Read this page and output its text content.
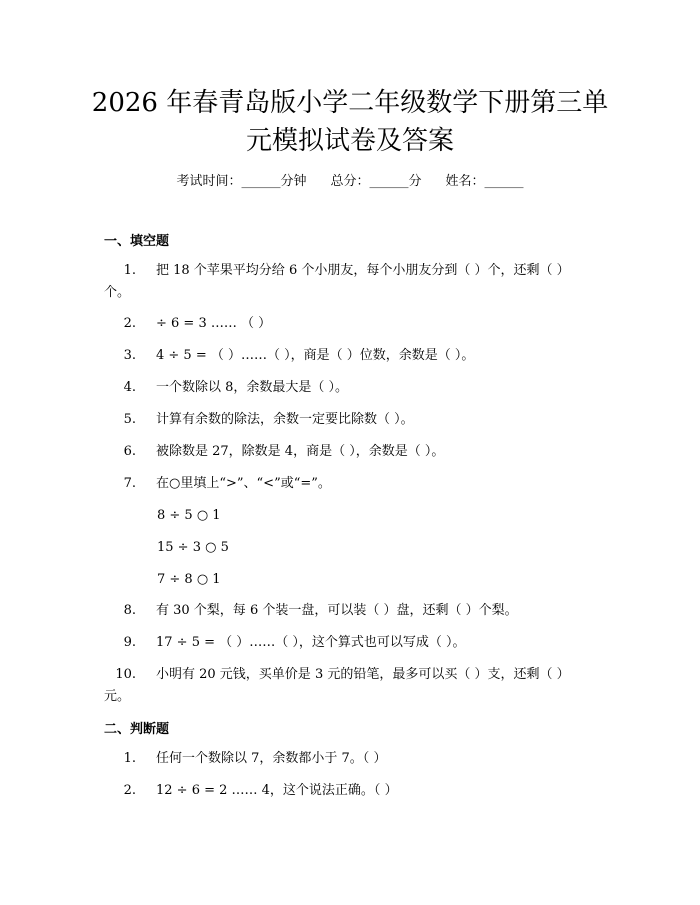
2026 年春青岛版小学二年级数学下册第三单
元模拟试卷及答案
考试时间：______分钟 总分：______分 姓名：______
一、填空题
1. 把 18 个苹果平均分给 6 个小朋友，每个小朋友分到（ ）个，还剩（ ）
个。
2. ÷ 6 = 3 …… （ ）
3. 4 ÷ 5 = （ ）……（ ），商是（ ）位数，余数是（ ）。
4. 一个数除以 8，余数最大是（ ）。
5. 计算有余数的除法，余数一定要比除数（ ）。
6. 被除数是 27，除数是 4，商是（ ），余数是（ ）。
7. 在○里填上“>”、“<”或“=”。
8 ÷ 5 ○ 1
15 ÷ 3 ○ 5
7 ÷ 8 ○ 1
8. 有 30 个梨，每 6 个装一盘，可以装（ ）盘，还剩（ ）个梨。
9. 17 ÷ 5 = （ ）……（ ），这个算式也可以写成（ ）。
10. 小明有 20 元钱，买单价是 3 元的铅笔，最多可以买（ ）支，还剩（ ）
元。
二、判断题
1. 任何一个数除以 7，余数都小于 7。（ ）
2. 12 ÷ 6 = 2 …… 4，这个说法正确。（ ）
